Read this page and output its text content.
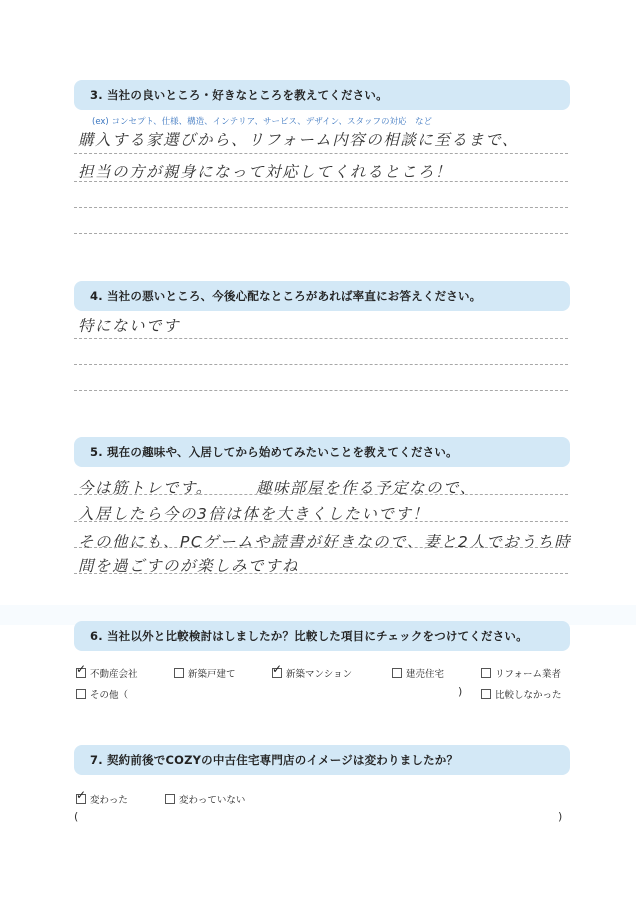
3. 当社の良いところ・好きなところを教えてください。
(ex) コンセプト、仕様、構造、インテリア、サービス、デザイン、スタッフの対応　など
購入する家選びから、リフォーム内容の相談に至るまで、
担当の方が親身になって対応してくれるところ！
4. 当社の悪いところ、今後心配なところがあれば率直にお答えください。
特にないです
5. 現在の趣味や、入居してから始めてみたいことを教えてください。
今は筋トレです。　　　趣味部屋を作る予定なので、
入居したら今の3倍は体を大きくしたいです！
その他にも、PCゲームや読書が好きなので、妻と2人でおうち時
間を過ごすのが楽しみですね
6. 当社以外と比較検討はしましたか？比較した項目にチェックをつけてください。
✓ 不動産会社	新築戸建て	✓ 新築マンション	建売住宅	リフォーム業者
その他（	)	比較しなかった
7. 契約前後でCOZYの中古住宅専門店のイメージは変わりましたか？
✓ 変わった	変わっていない
(	)
